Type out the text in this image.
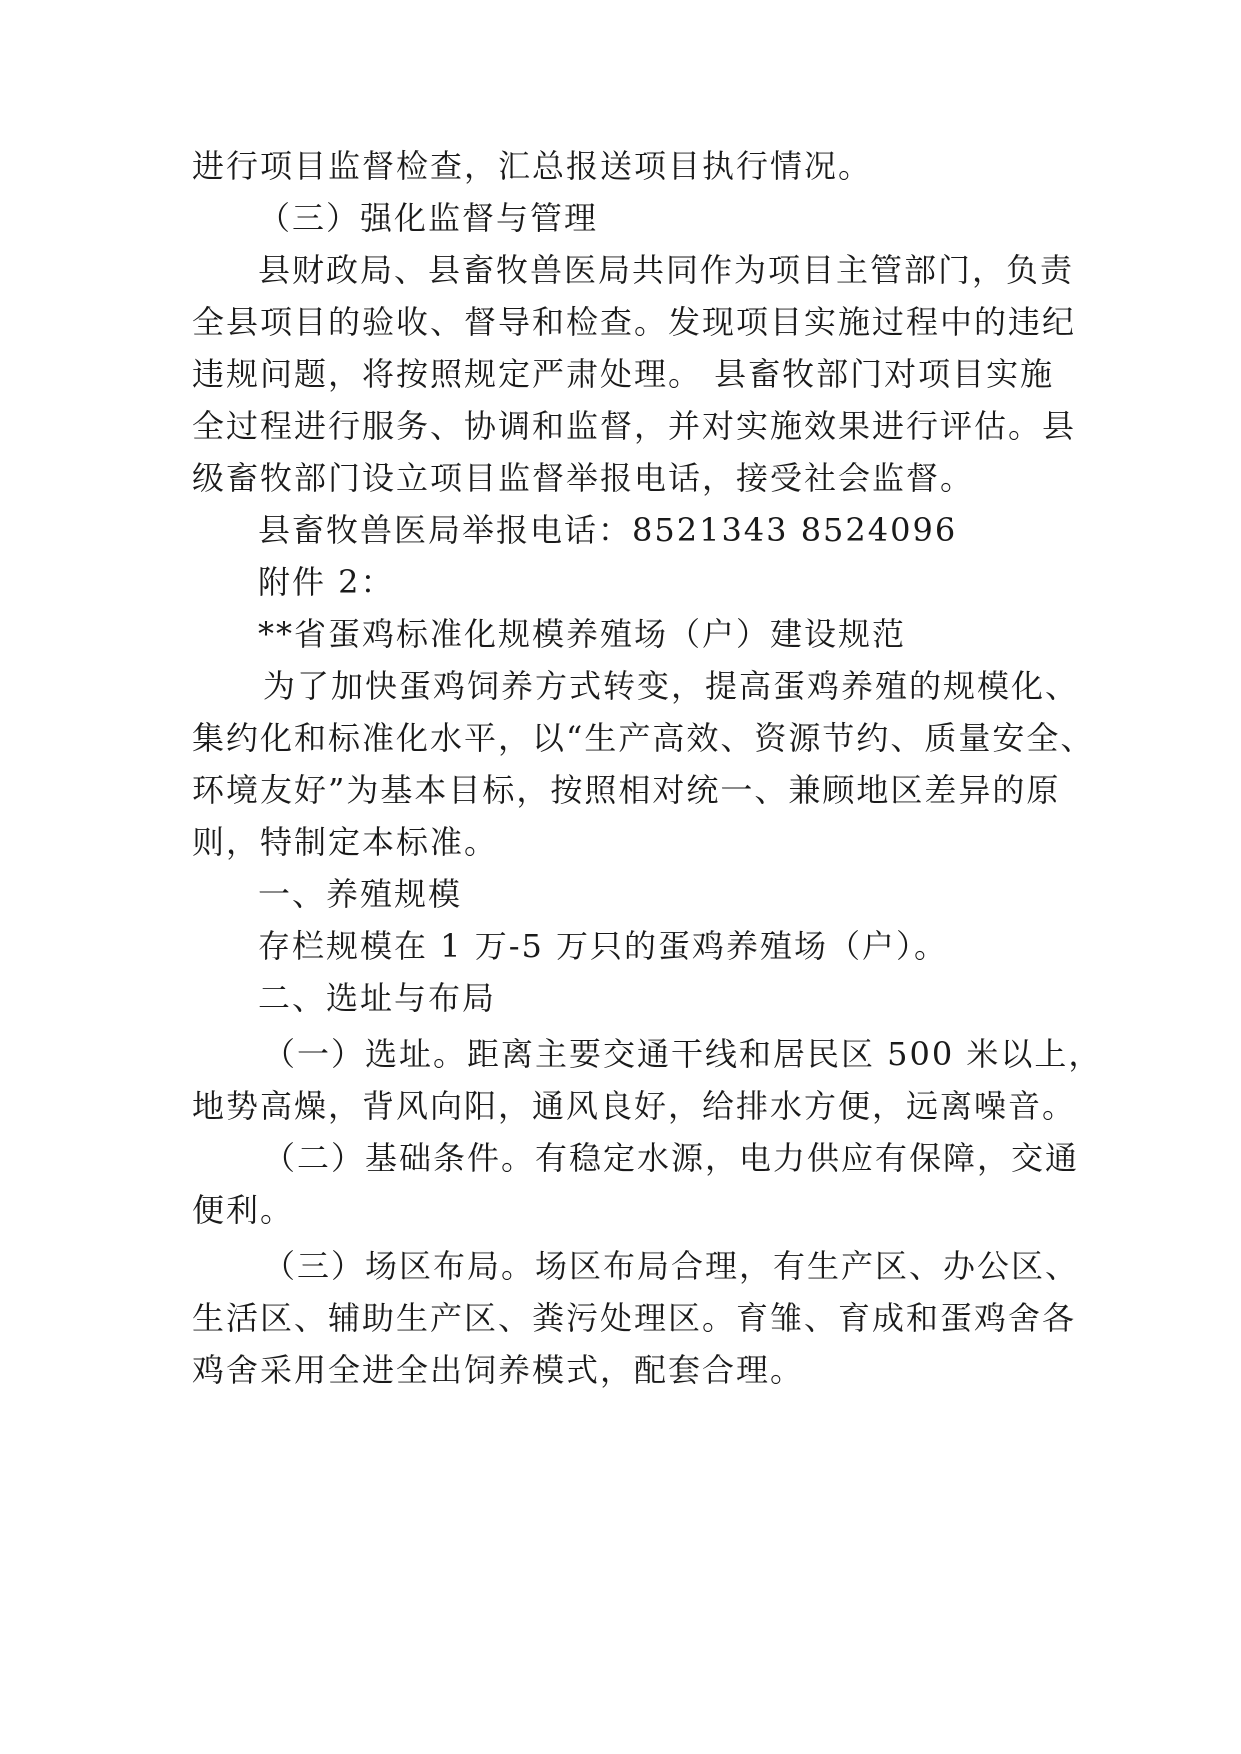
进行项目监督检查，汇总报送项目执行情况。
（三）强化监督与管理
县财政局、县畜牧兽医局共同作为项目主管部门，负责
全县项目的验收、督导和检查。发现项目实施过程中的违纪
违规问题，将按照规定严肃处理。 县畜牧部门对项目实施
全过程进行服务、协调和监督，并对实施效果进行评估。县
级畜牧部门设立项目监督举报电话，接受社会监督。
县畜牧兽医局举报电话：8521343 8524096
附件 2：
**省蛋鸡标准化规模养殖场（户）建设规范
为了加快蛋鸡饲养方式转变，提高蛋鸡养殖的规模化、
集约化和标准化水平，以“生产高效、资源节约、质量安全、
环境友好”为基本目标，按照相对统一、兼顾地区差异的原
则，特制定本标准。
一、养殖规模
存栏规模在 1 万-5 万只的蛋鸡养殖场（户）。
二、选址与布局
（一）选址。距离主要交通干线和居民区 500 米以上，
地势高燥，背风向阳，通风良好，给排水方便，远离噪音。
（二）基础条件。有稳定水源，电力供应有保障，交通
便利。
（三）场区布局。场区布局合理，有生产区、办公区、
生活区、辅助生产区、粪污处理区。育雏、育成和蛋鸡舍各
鸡舍采用全进全出饲养模式，配套合理。
